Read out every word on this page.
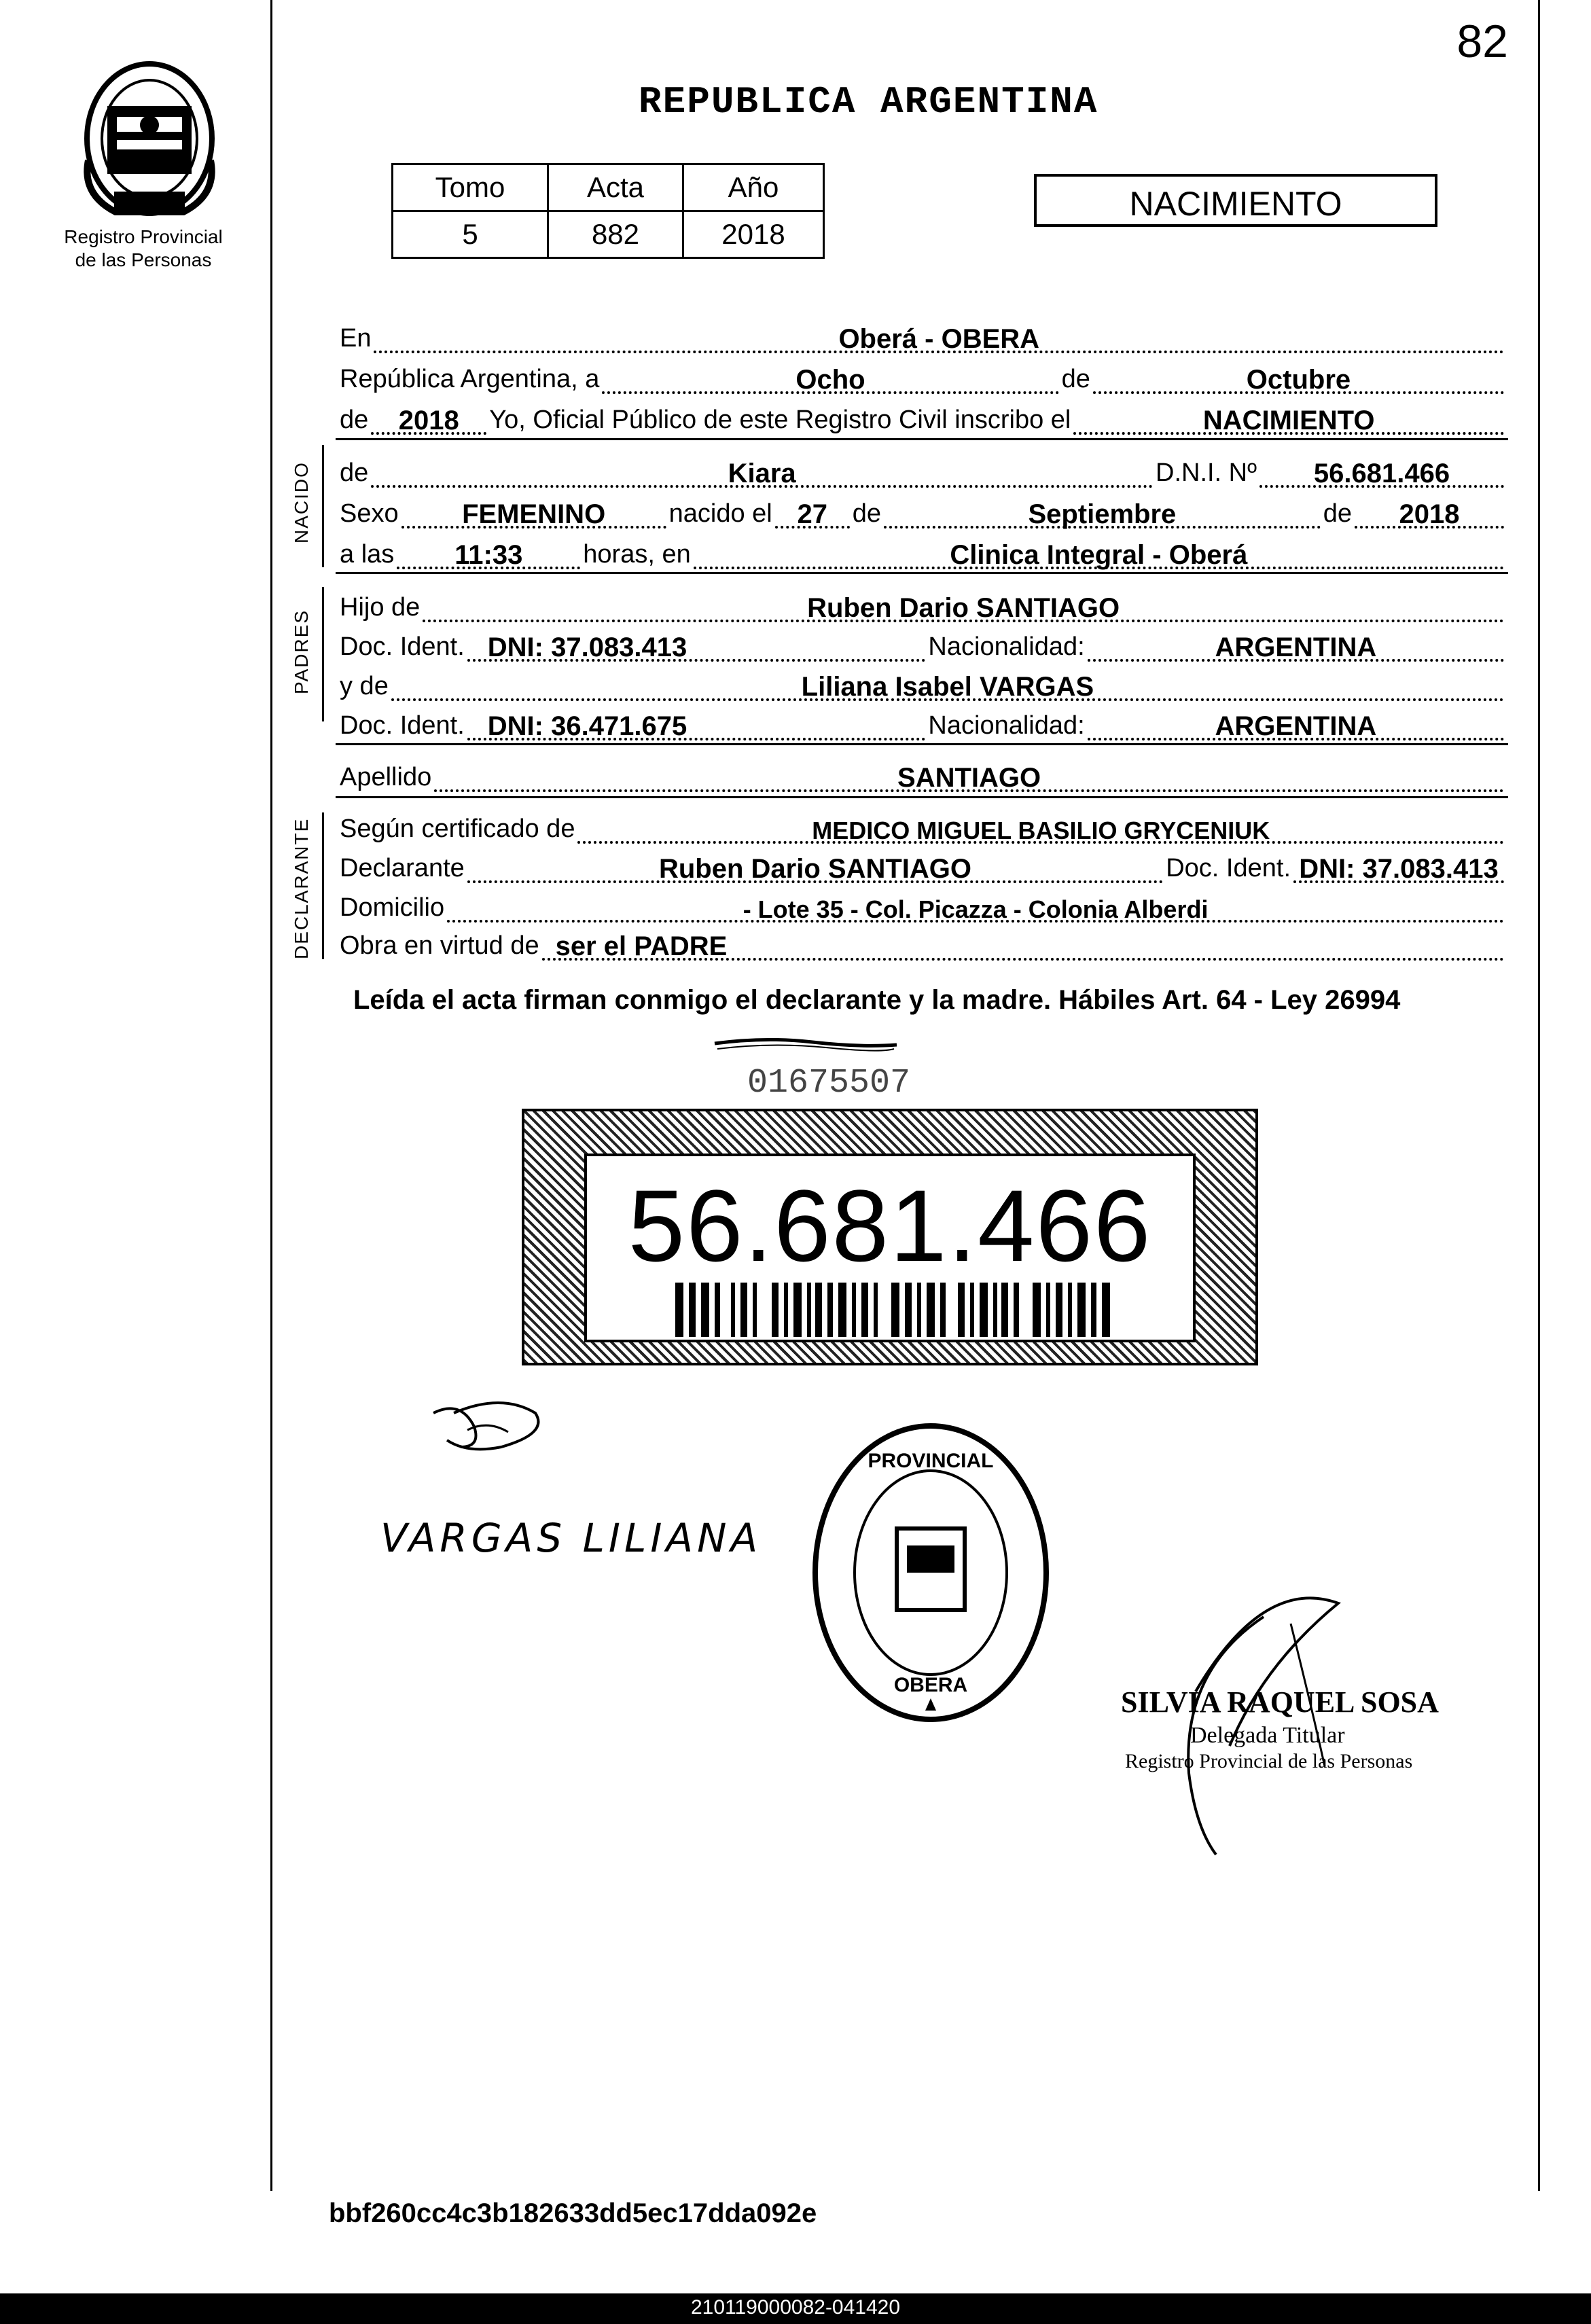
82
REPUBLICA ARGENTINA
Registro Provincial
de las Personas
Tomo	Acta	Año
5	882	2018
NACIMIENTO
En	Oberá - OBERA
República Argentina, a	Ocho	de	Octubre
de	2018	Yo, Oficial Público de este Registro Civil inscribo el	NACIMIENTO
NACIDO de	Kiara	D.N.I. Nº	56.681.466
Sexo	FEMENINO	nacido el 27 de	Septiembre	de	2018
a las	11:33	horas, en	Clinica Integral - Oberá
PADRES
Hijo de	Ruben Dario SANTIAGO
Doc. Ident. DNI: 37.083.413	Nacionalidad:	ARGENTINA
y de	Liliana Isabel VARGAS
Doc. Ident. DNI: 36.471.675	Nacionalidad:	ARGENTINA
Apellido	SANTIAGO
DECLARANTE Según certificado de	MEDICO MIGUEL BASILIO GRYCENIUK
Declarante	Ruben Dario SANTIAGO	Doc. Ident. DNI: 37.083.413
Domicilio	- Lote 35 - Col. Picazza - Colonia Alberdi
Obra en virtud de ser el PADRE
Leída el acta firman conmigo el declarante y la madre. Hábiles Art. 64 - Ley 26994
01675507
56.681.466
VARGAS LILIANA
PROVINCIAL
OBERA
SILVIA RAQUEL SOSA
Delegada Titular
Registro Provincial de las Personas
bbf260cc4c3b182633dd5ec17dda092e
210119000082-041420
